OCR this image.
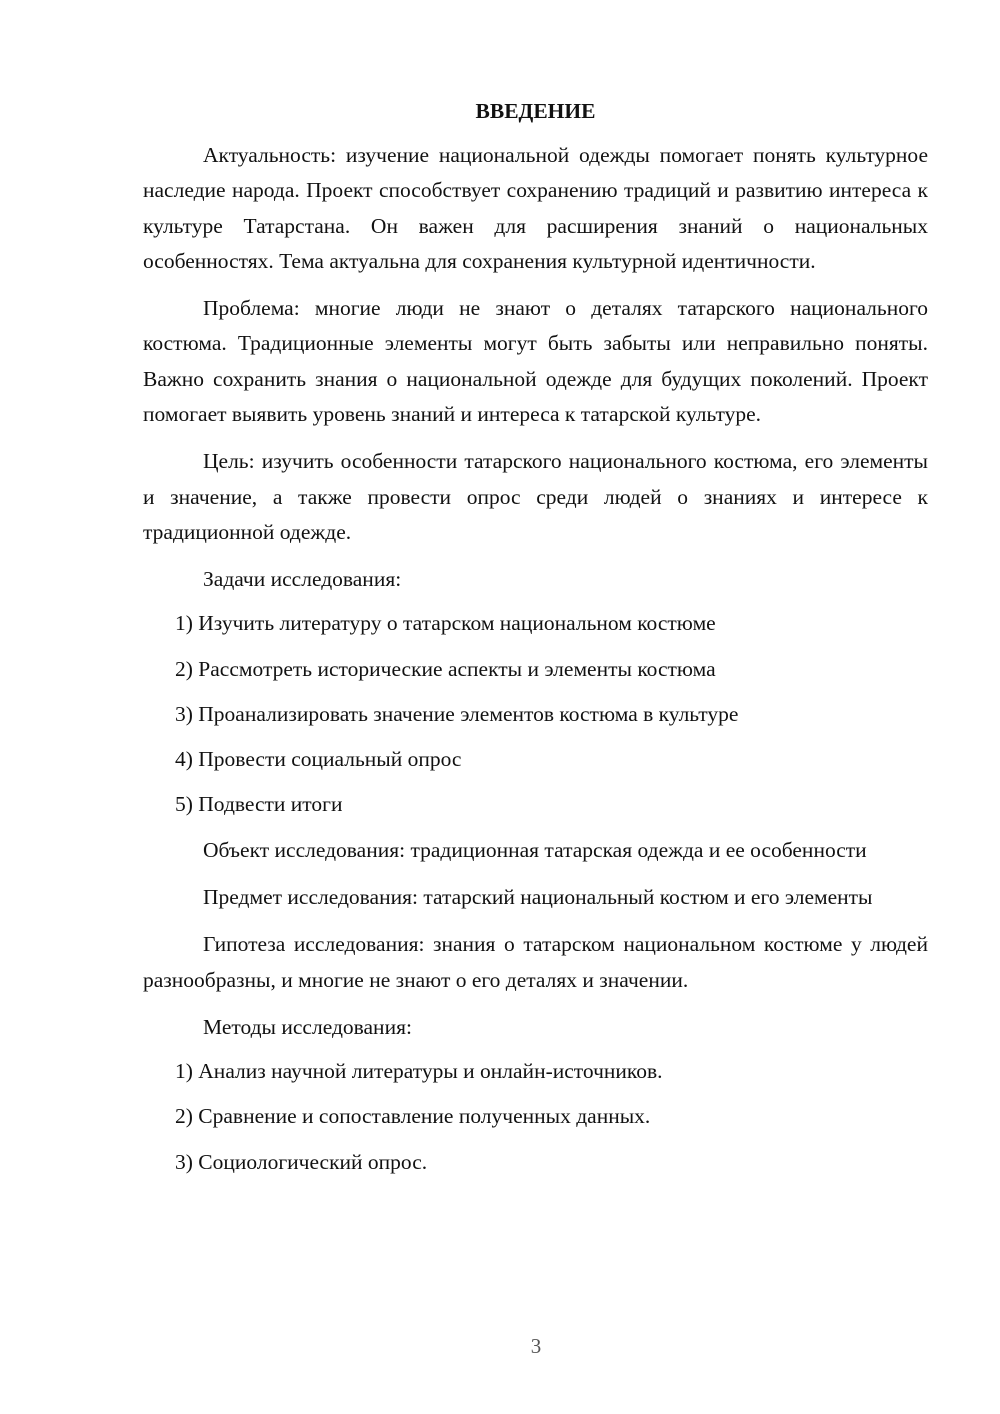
ВВЕДЕНИЕ

Актуальность: изучение национальной одежды помогает понять культурное наследие народа. Проект способствует сохранению традиций и развитию интереса к культуре Татарстана. Он важен для расширения знаний о национальных особенностях. Тема актуальна для сохранения культурной идентичности.

Проблема: многие люди не знают о деталях татарского национального костюма. Традиционные элементы могут быть забыты или неправильно поняты. Важно сохранить знания о национальной одежде для будущих поколений. Проект помогает выявить уровень знаний и интереса к татарской культуре.

Цель: изучить особенности татарского национального костюма, его элементы и значение, а также провести опрос среди людей о знаниях и интересе к традиционной одежде.

Задачи исследования:
1) Изучить литературу о татарском национальном костюме
2) Рассмотреть исторические аспекты и элементы костюма
3) Проанализировать значение элементов костюма в культуре
4) Провести социальный опрос
5) Подвести итоги

Объект исследования: традиционная татарская одежда и ее особенности

Предмет исследования: татарский национальный костюм и его элементы

Гипотеза исследования: знания о татарском национальном костюме у людей разнообразны, и многие не знают о его деталях и значении.

Методы исследования:
1) Анализ научной литературы и онлайн-источников.
2) Сравнение и сопоставление полученных данных.
3) Социологический опрос.
3
